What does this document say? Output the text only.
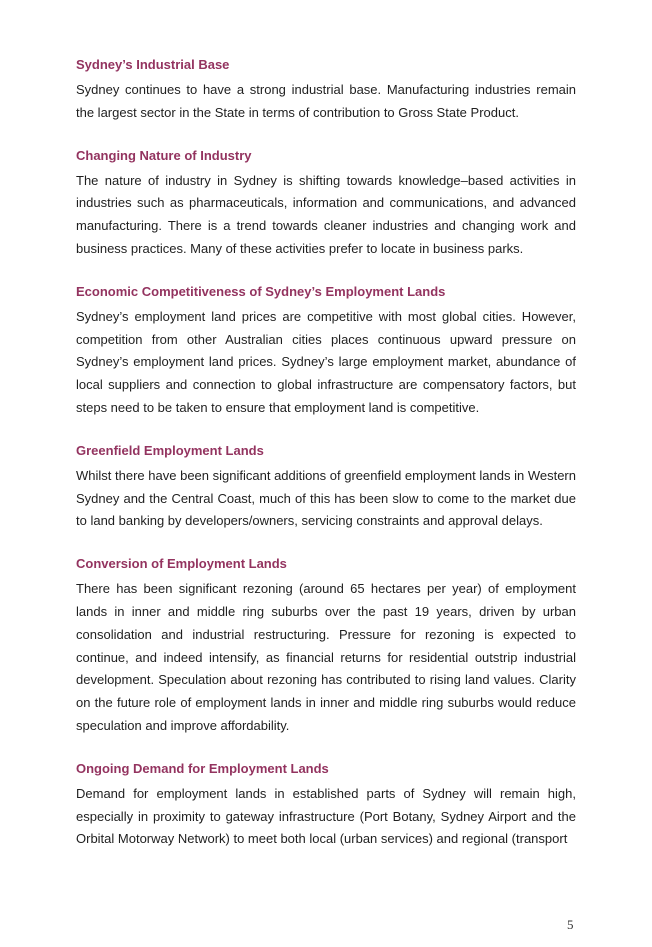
Sydney’s Industrial Base

Sydney continues to have a strong industrial base. Manufacturing industries remain the largest sector in the State in terms of contribution to Gross State Product.

Changing Nature of Industry

The nature of industry in Sydney is shifting towards knowledge–based activities in industries such as pharmaceuticals, information and communications, and advanced manufacturing. There is a trend towards cleaner industries and changing work and business practices. Many of these activities prefer to locate in business parks.

Economic Competitiveness of Sydney’s Employment Lands

Sydney’s employment land prices are competitive with most global cities. However, competition from other Australian cities places continuous upward pressure on Sydney’s employment land prices. Sydney’s large employment market, abundance of local suppliers and connection to global infrastructure are compensatory factors, but steps need to be taken to ensure that employment land is competitive.

Greenfield Employment Lands

Whilst there have been significant additions of greenfield employment lands in Western Sydney and the Central Coast, much of this has been slow to come to the market due to land banking by developers/owners, servicing constraints and approval delays.

Conversion of Employment Lands

There has been significant rezoning (around 65 hectares per year) of employment lands in inner and middle ring suburbs over the past 19 years, driven by urban consolidation and industrial restructuring. Pressure for rezoning is expected to continue, and indeed intensify, as financial returns for residential outstrip industrial development. Speculation about rezoning has contributed to rising land values. Clarity on the future role of employment lands in inner and middle ring suburbs would reduce speculation and improve affordability.

Ongoing Demand for Employment Lands

Demand for employment lands in established parts of Sydney will remain high, especially in proximity to gateway infrastructure (Port Botany, Sydney Airport and the Orbital Motorway Network) to meet both local (urban services) and regional (transport

5
